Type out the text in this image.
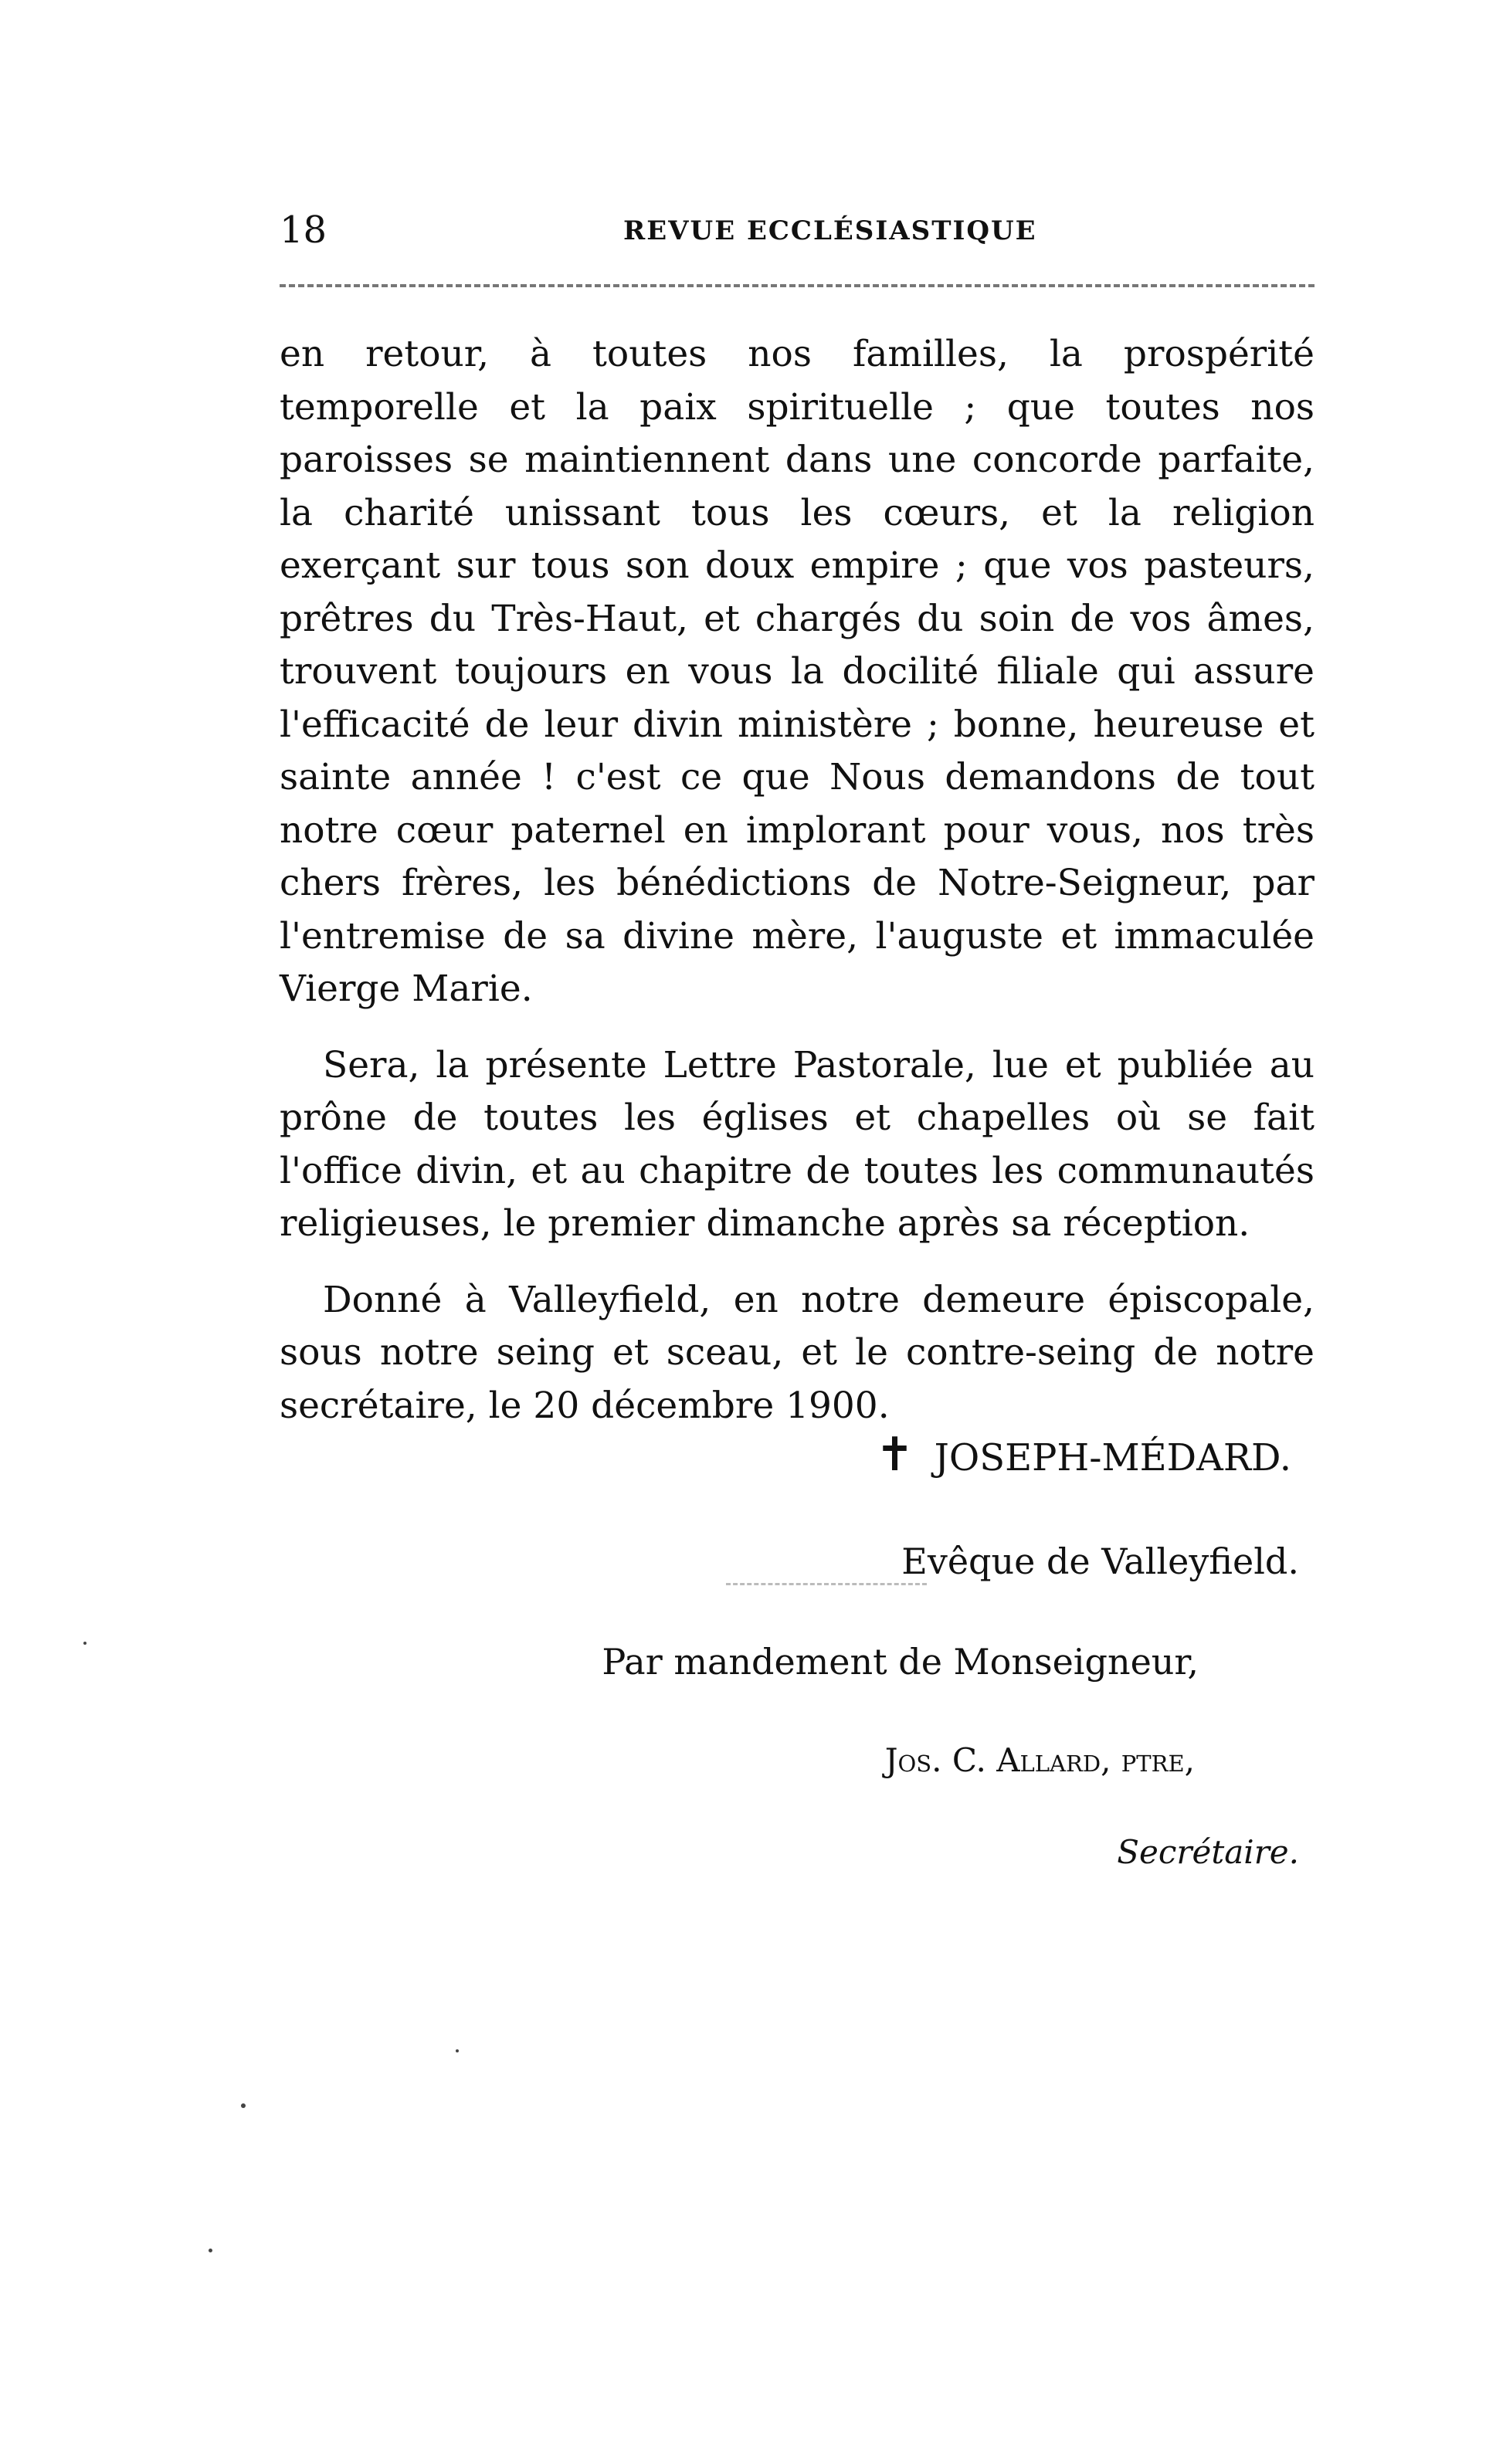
18	REVUE ECCLÉSIASTIQUE

en retour, à toutes nos familles, la prospérité temporelle et la paix spirituelle ; que toutes nos paroisses se maintiennent dans une concorde parfaite, la charité unissant tous les cœurs, et la religion exerçant sur tous son doux empire ; que vos pasteurs, prêtres du Très-Haut, et chargés du soin de vos âmes, trouvent toujours en vous la docilité filiale qui assure l'efficacité de leur divin ministère ; bonne, heureuse et sainte année ! c'est ce que Nous demandons de tout notre cœur paternel en implorant pour vous, nos très chers frères, les bénédictions de Notre-Seigneur, par l'entremise de sa divine mère, l'auguste et immaculée Vierge Marie.

Sera, la présente Lettre Pastorale, lue et publiée au prône de toutes les églises et chapelles où se fait l'office divin, et au chapitre de toutes les communautés religieuses, le premier dimanche après sa réception.

Donné à Valleyfield, en notre demeure épiscopale, sous notre seing et sceau, et le contre-seing de notre secrétaire, le 20 décembre 1900.

✝ JOSEPH-MÉDARD.
Evêque de Valleyfield.
Par mandement de Monseigneur,
Jos. C. Allard, ptre,
Secrétaire.
